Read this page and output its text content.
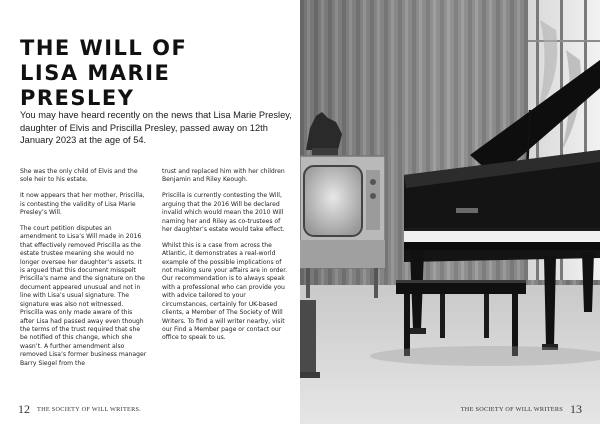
THE WILL OF
LISA MARIE PRESLEY

You may have heard recently on the news that Lisa Marie Presley, daughter of Elvis and Priscilla Presley, passed away on 12th January 2023 at the age of 54.

She was the only child of Elvis and the sole heir to his estate.

It now appears that her mother, Priscilla, is contesting the validity of Lisa Marie Presley’s Will.

The court petition disputes an amendment to Lisa’s Will made in 2016 that effectively removed Priscilla as the estate trustee meaning she would no longer oversee her daughter’s assets. It is argued that this document misspelt Priscilla’s name and the signature on the document appeared unusual and not in line with Lisa’s usual signature. The signature was also not witnessed. Priscilla was only made aware of this after Lisa had passed away even though the terms of the trust required that she be notified of this change, which she wasn’t. A further amendment also removed Lisa’s former business manager Barry Siegel from the

trust and replaced him with her children Benjamin and Riley Keough.

Priscilla is currently contesting the Will, arguing that the 2016 Will be declared invalid which would mean the 2010 Will naming her and Riley as co-trustees of her daughter’s estate would take effect.

Whilst this is a case from across the Atlantic, it demonstrates a real-world example of the possible implications of not making sure your affairs are in order. Our recommendation is to always speak with a professional who can provide you with advice tailored to your circumstances, certainly for UK-based clients, a Member of The Society of Will Writers. To find a will writer nearby, visit our Find a Member page or contact our office to speak to us.

12 THE SOCIETY OF WILL WRITERS.	THE SOCIETY OF WILL WRITERS 13
